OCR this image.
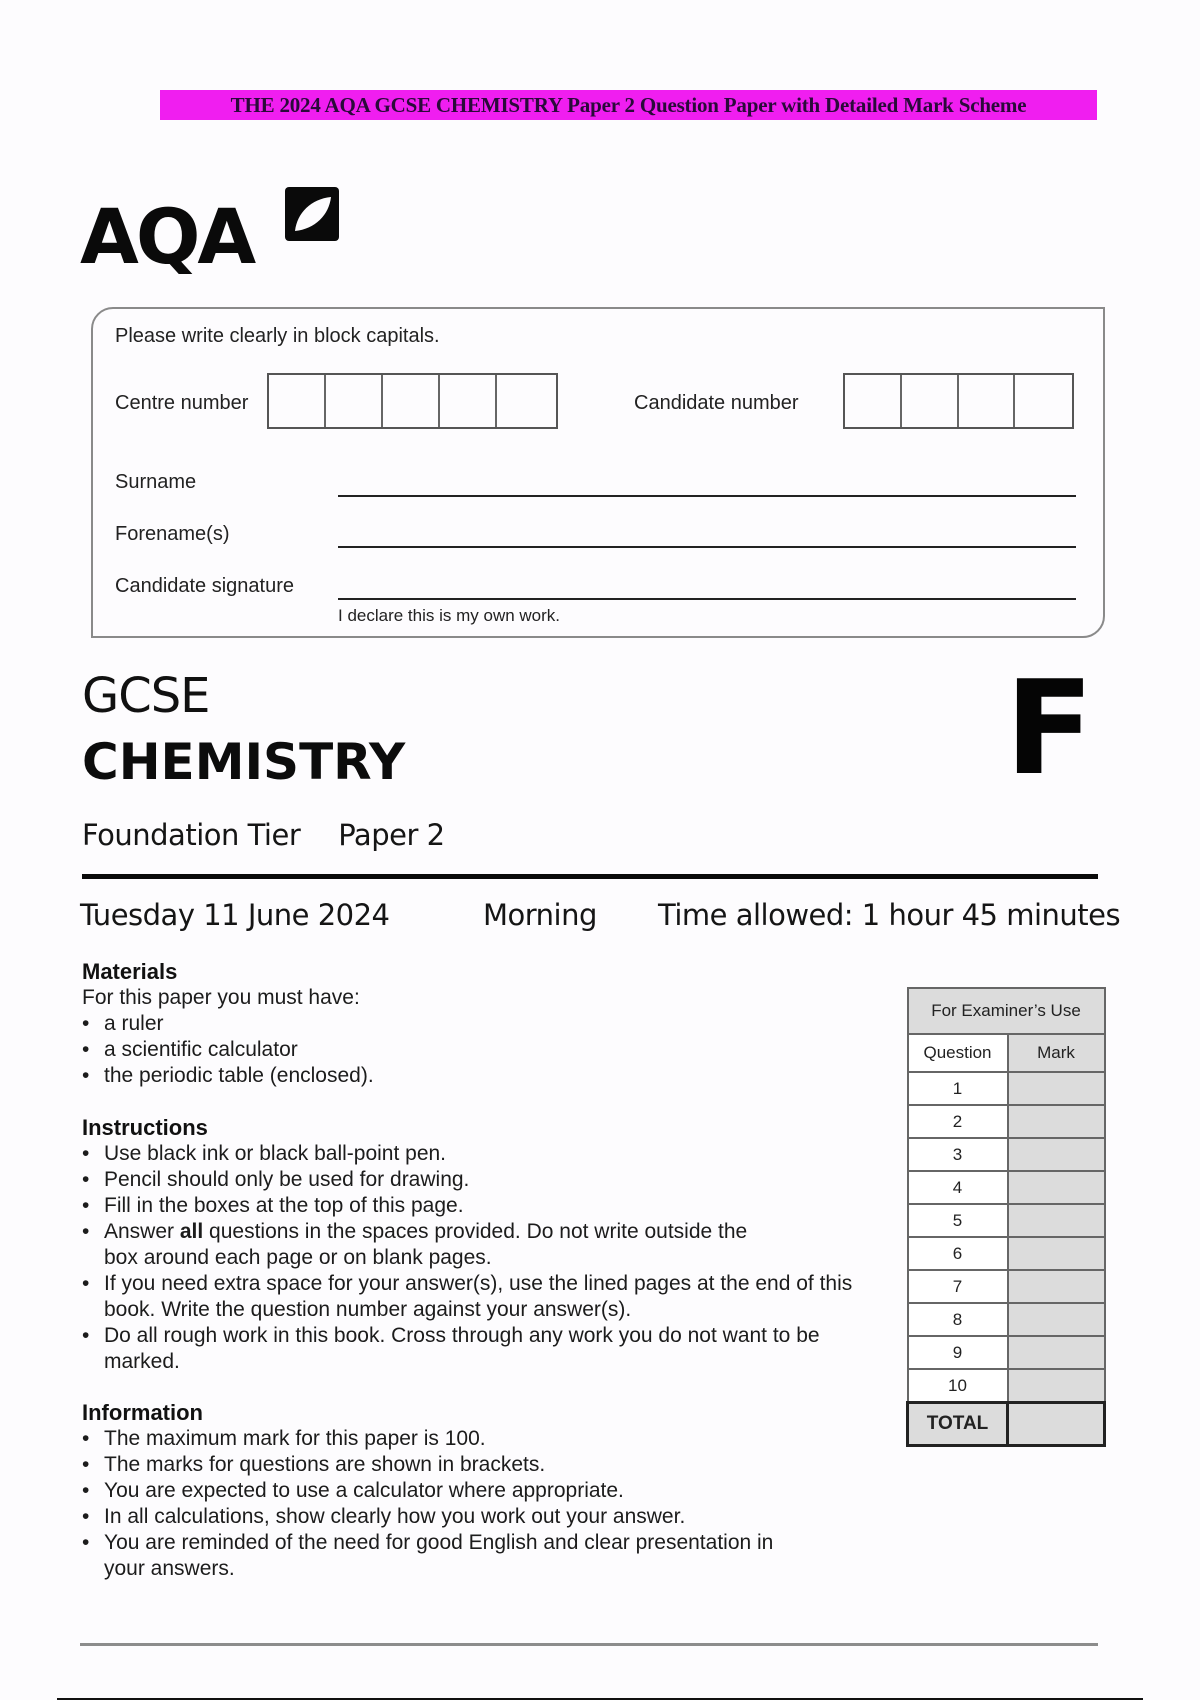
THE 2024 AQA GCSE CHEMISTRY Paper 2 Question Paper with Detailed Mark Scheme
AQA
Please write clearly in block capitals.
Centre number	Candidate number
Surname
Forename(s)
Candidate signature
I declare this is my own work.
GCSE
CHEMISTRY	F
Foundation Tier Paper 2
Tuesday 11 June 2024	Morning Time allowed: 1 hour 45 minutes
Materials

For this paper you must have:

• a ruler
• a scientific calculator
• the periodic table (enclosed).
Instructions
• Use black ink or black ball-point pen.
• Pencil should only be used for drawing.
• Fill in the boxes at the top of this page.
• Answer all questions in the spaces provided. Do not write outside the box around each page or on blank pages.
• If you need extra space for your answer(s), use the lined pages at the end of this book. Write the question number against your answer(s).
• Do all rough work in this book. Cross through any work you do not want to be marked.
Information
• The maximum mark for this paper is 100.
• The marks for questions are shown in brackets.
• You are expected to use a calculator where appropriate.
• In all calculations, show clearly how you work out your answer.
• You are reminded of the need for good English and clear presentation in your answers.
For Examiner’s Use	
Question	Mark
1	
2	
3	
4	
5	
6	
7	
8	
9	
10	
TOTAL	
